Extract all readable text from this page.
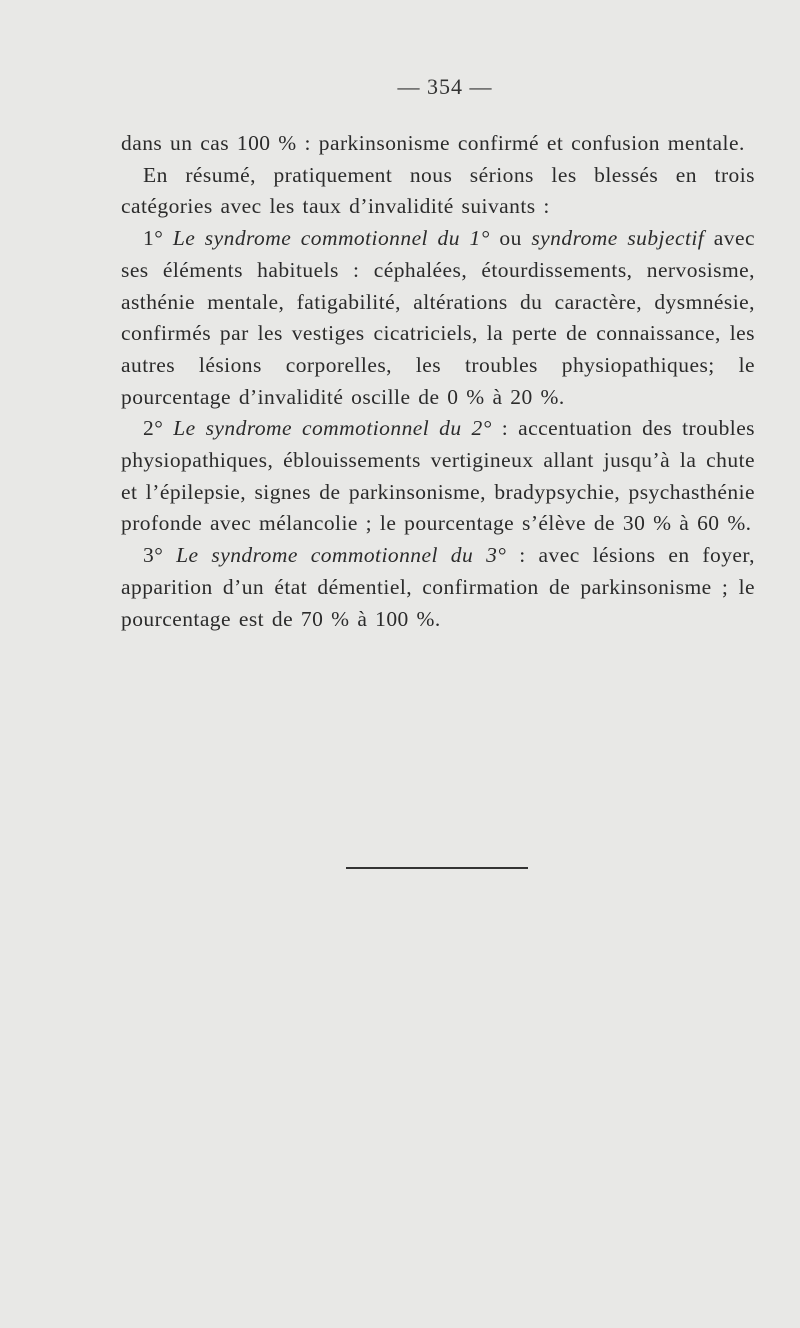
— 354 —

dans un cas 100 % : parkinsonisme confirmé et confusion mentale.

En résumé, pratiquement nous sérions les blessés en trois catégories avec les taux d’invalidité suivants :

1° Le syndrome commotionnel du 1° ou syndrome subjectif avec ses éléments habituels : céphalées, étourdissements, nervosisme, asthénie mentale, fatigabilité, altérations du caractère, dysmnésie, confirmés par les vestiges cicatriciels, la perte de connaissance, les autres lésions corporelles, les troubles physiopathiques; le pourcentage d’invalidité oscille de 0 % à 20 %.

2° Le syndrome commotionnel du 2° : accentuation des troubles physiopathiques, éblouissements vertigineux allant jusqu’à la chute et l’épilepsie, signes de parkinsonisme, bradypsychie, psychasthénie profonde avec mélancolie ; le pourcentage s’élève de 30 % à 60 %.

3° Le syndrome commotionnel du 3° : avec lésions en foyer, apparition d’un état démentiel, confirmation de parkinsonisme ; le pourcentage est de 70 % à 100 %.
